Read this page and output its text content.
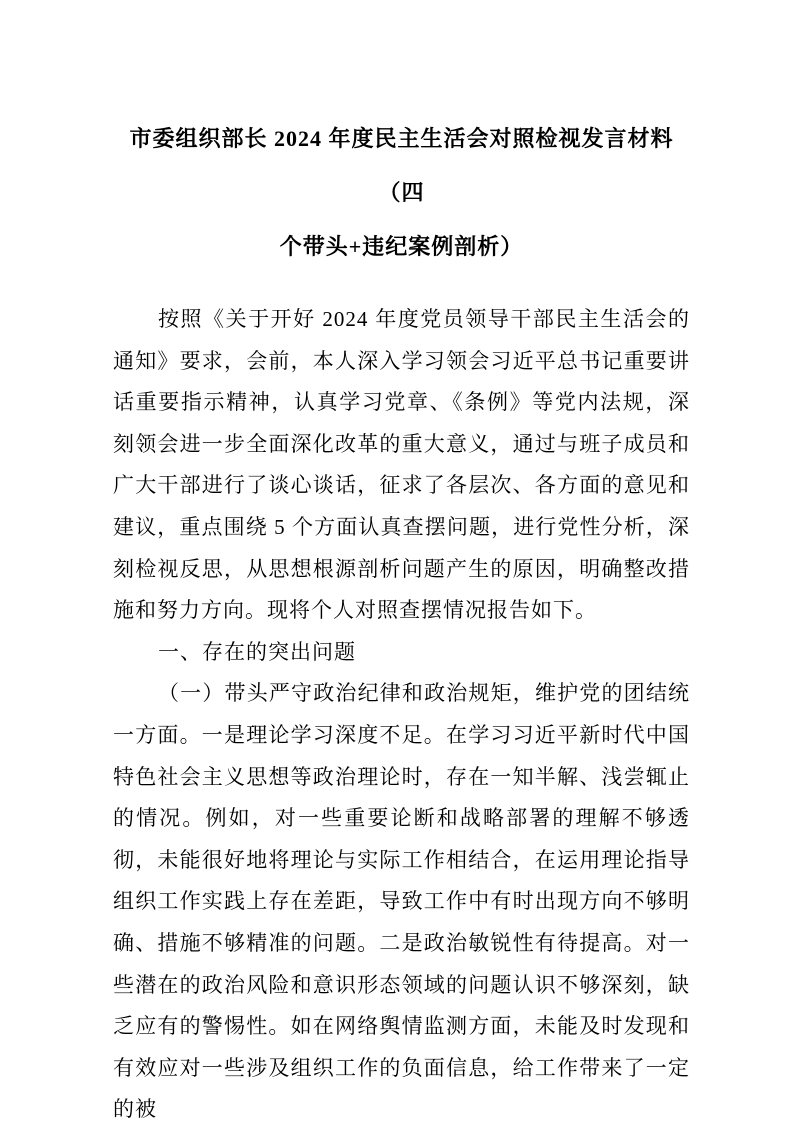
市委组织部长 2024 年度民主生活会对照检视发言材料（四
个带头+违纪案例剖析）

按照《关于开好 2024 年度党员领导干部民主生活会的通知》要求，会前，本人深入学习领会习近平总书记重要讲话重要指示精神，认真学习党章、《条例》等党内法规，深刻领会进一步全面深化改革的重大意义，通过与班子成员和广大干部进行了谈心谈话，征求了各层次、各方面的意见和建议，重点围绕 5 个方面认真查摆问题，进行党性分析，深刻检视反思，从思想根源剖析问题产生的原因，明确整改措施和努力方向。现将个人对照查摆情况报告如下。

一、存在的突出问题

（一）带头严守政治纪律和政治规矩，维护党的团结统一方面。一是理论学习深度不足。在学习习近平新时代中国特色社会主义思想等政治理论时，存在一知半解、浅尝辄止的情况。例如，对一些重要论断和战略部署的理解不够透彻，未能很好地将理论与实际工作相结合，在运用理论指导组织工作实践上存在差距，导致工作中有时出现方向不够明确、措施不够精准的问题。二是政治敏锐性有待提高。对一些潜在的政治风险和意识形态领域的问题认识不够深刻，缺乏应有的警惕性。如在网络舆情监测方面，未能及时发现和有效应对一些涉及组织工作的负面信息，给工作带来了一定的被
